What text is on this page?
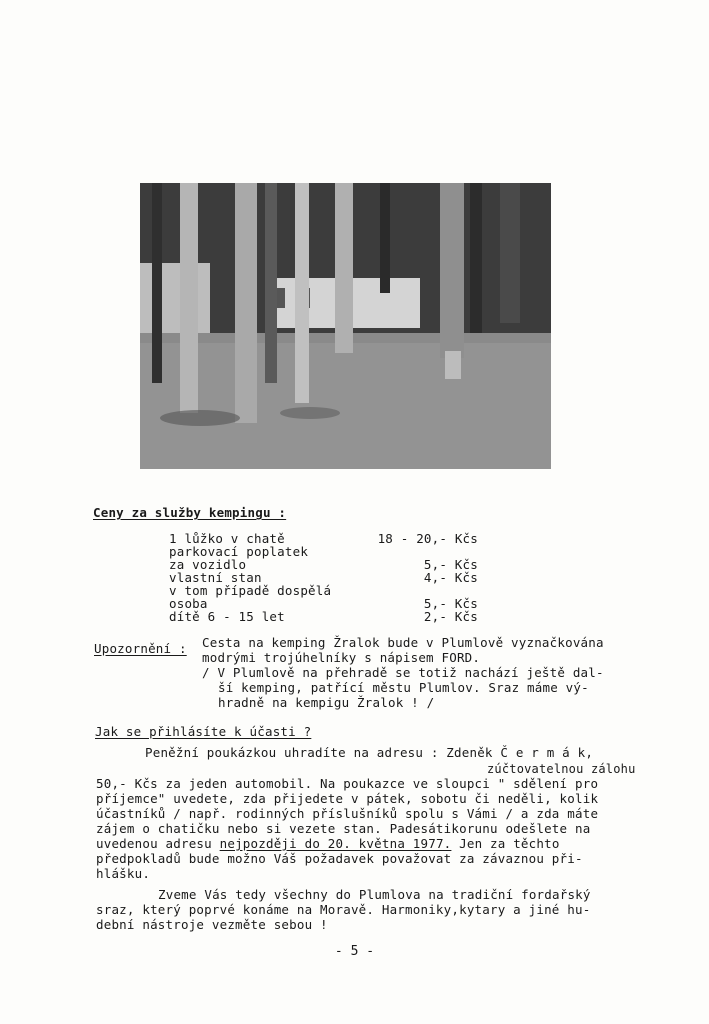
Ceny za služby kempingu :
1 lůžko v chatě	18 - 20,- Kčs
parkovací poplatek
za vozidlo	5,- Kčs
vlastní stan	4,- Kčs
v tom případě dospělá
osoba	5,- Kčs
dítě 6 - 15 let	2,- Kčs
Upozornění : Cesta na kemping Žralok bude v Plumlově vyznačkována
modrými trojúhelníky s nápisem FORD.
/ V Plumlově na přehradě se totiž nachází ještě dal-
ší kemping, patřící městu Plumlov. Sraz máme vý-
hradně na kempigu Žralok ! /
Jak se přihlásíte k účasti ?
Peněžní poukázkou uhradíte na adresu : Zdeněk Č e r m á k,
zúčtovatelnou zálohu
50,- Kčs za jeden automobil. Na poukazce ve sloupci " sdělení pro
příjemce" uvedete, zda přijedete v pátek, sobotu či neděli, kolik
účastníků / např. rodinných příslušníků spolu s Vámi / a zda máte
zájem o chatičku nebo si vezete stan. Padesátikorunu odešlete na
uvedenou adresu nejpozději do 20. května 1977. Jen za těchto
předpokladů bude možno Váš požadavek považovat za závaznou při-
hlášku.
Zveme Vás tedy všechny do Plumlova na tradiční fordařský
sraz, který poprvé konáme na Moravě. Harmoniky,kytary a jiné hu-
dební nástroje vezměte sebou !
- 5 -
